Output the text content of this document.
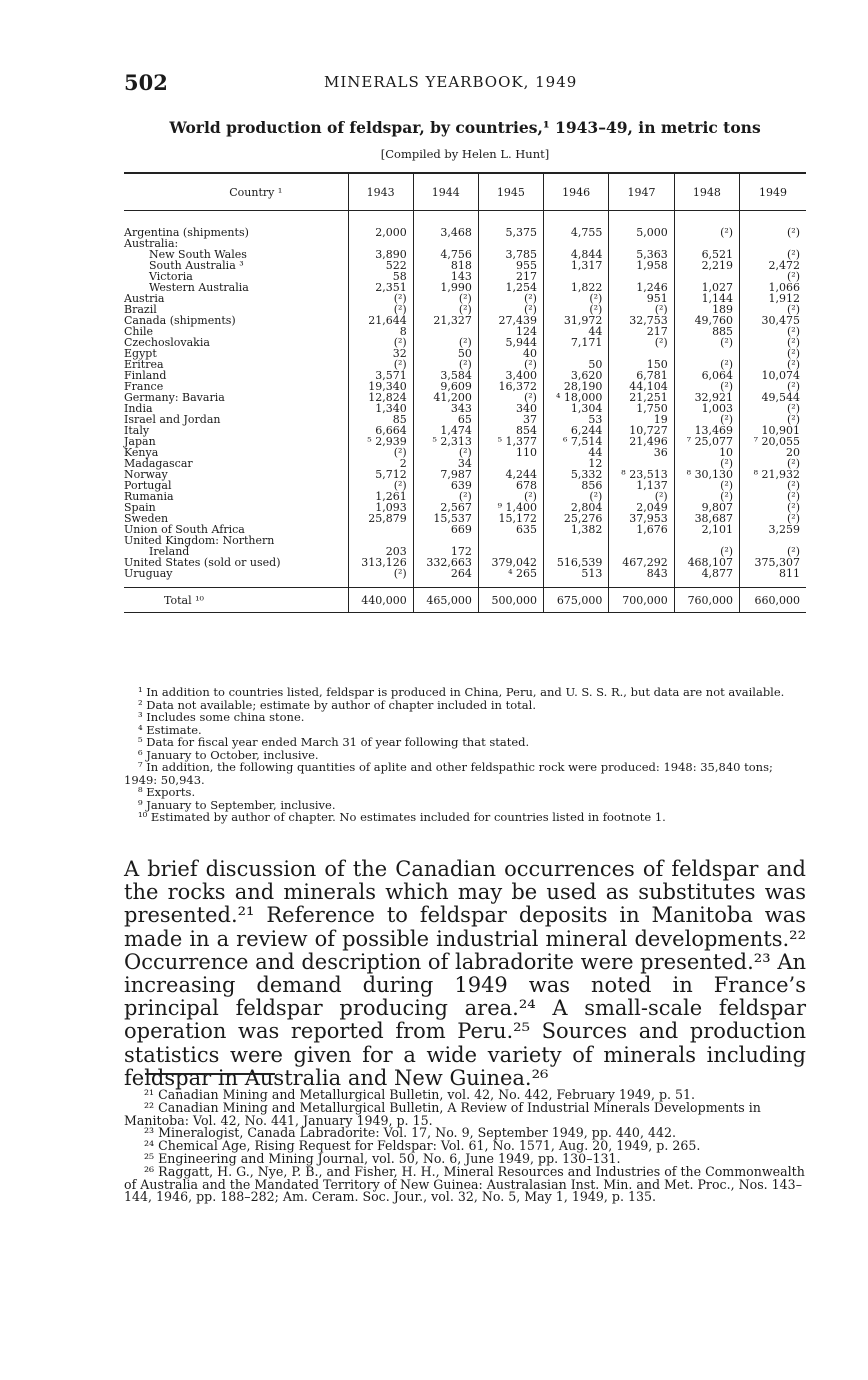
502	MINERALS YEARBOOK, 1949
World production of feldspar, by countries,¹ 1943–49, in metric tons
[Compiled by Helen L. Hunt]
Country ¹	1943	1944	1945	1946	1947	1948	1949

Argentina (shipments)	2,000	3,468	5,375	4,755	5,000	(²)	(²)
Australia:							
New South Wales	3,890	4,756	3,785	4,844	5,363	6,521	(²)
South Australia ³	522	818	955	1,317	1,958	2,219	2,472
Victoria	58	143	217				(²)
Western Australia	2,351	1,990	1,254	1,822	1,246	1,027	1,066
Austria	(²)	(²)	(²)	(²)	951	1,144	1,912
Brazil	(²)	(²)	(²)	(²)	(²)	189	(²)
Canada (shipments)	21,644	21,327	27,439	31,972	32,753	49,760	30,475
Chile	8		124	44	217	885	(²)
Czechoslovakia	(²)	(²)	5,944	7,171	(²)	(²)	(²)
Egypt	32	50	40				(²)
Eritrea	(²)	(²)	(²)	50	150	(²)	(²)
Finland	3,571	3,584	3,400	3,620	6,781	6,064	10,074
France	19,340	9,609	16,372	28,190	44,104	(²)	(²)
Germany: Bavaria	12,824	41,200	(²)	⁴ 18,000	21,251	32,921	49,544
India	1,340	343	340	1,304	1,750	1,003	(²)
Israel and Jordan	85	65	37	53	19	(²)	(²)
Italy	6,664	1,474	854	6,244	10,727	13,469	10,901
Japan	⁵ 2,939	⁵ 2,313	⁵ 1,377	⁶ 7,514	21,496	⁷ 25,077	⁷ 20,055
Kenya	(²)	(²)	110	44	36	10	20
Madagascar	2	34		12		(²)	(²)
Norway	5,712	7,987	4,244	5,332	⁸ 23,513	⁸ 30,130	⁸ 21,932
Portugal	(²)	639	678	856	1,137	(²)	(²)
Rumania	1,261	(²)	(²)	(²)	(²)	(²)	(²)
Spain	1,093	2,567	⁹ 1,400	2,804	2,049	9,807	(²)
Sweden	25,879	15,537	15,172	25,276	37,953	38,687	(²)
Union of South Africa		669	635	1,382	1,676	2,101	3,259
United Kingdom: Northern							
Ireland	203	172				(²)	(²)
United States (sold or used)	313,126	332,663	379,042	516,539	467,292	468,107	375,307
Uruguay	(²)	264	⁴ 265	513	843	4,877	811

Total ¹⁰	440,000	465,000	500,000	675,000	700,000	760,000	660,000

¹ In addition to countries listed, feldspar is produced in China, Peru, and U. S. S. R., but data are not available.

² Data not available; estimate by author of chapter included in total.

³ Includes some china stone.

⁴ Estimate.

⁵ Data for fiscal year ended March 31 of year following that stated.

⁶ January to October, inclusive.

⁷ In addition, the following quantities of aplite and other feldspathic rock were produced: 1948: 35,840 tons; 1949: 50,943.

⁸ Exports.

⁹ January to September, inclusive.

¹⁰ Estimated by author of chapter. No estimates included for countries listed in footnote 1.

A brief discussion of the Canadian occurrences of feldspar and the rocks and minerals which may be used as substitutes was presented.²¹ Reference to feldspar deposits in Manitoba was made in a review of possible industrial mineral developments.²² Occurrence and description of labradorite were presented.²³ An increasing demand during 1949 was noted in France’s principal feldspar producing area.²⁴ A small-scale feldspar operation was reported from Peru.²⁵ Sources and production statistics were given for a wide variety of minerals including feldspar in Australia and New Guinea.²⁶

²¹ Canadian Mining and Metallurgical Bulletin, vol. 42, No. 442, February 1949, p. 51.

²² Canadian Mining and Metallurgical Bulletin, A Review of Industrial Minerals Developments in Manitoba: Vol. 42, No. 441, January 1949, p. 15.

²³ Mineralogist, Canada Labradorite: Vol. 17, No. 9, September 1949, pp. 440, 442.

²⁴ Chemical Age, Rising Request for Feldspar: Vol. 61, No. 1571, Aug. 20, 1949, p. 265.

²⁵ Engineering and Mining Journal, vol. 50, No. 6, June 1949, pp. 130–131.

²⁶ Raggatt, H. G., Nye, P. B., and Fisher, H. H., Mineral Resources and Industries of the Commonwealth of Australia and the Mandated Territory of New Guinea: Australasian Inst. Min. and Met. Proc., Nos. 143–144, 1946, pp. 188–282; Am. Ceram. Soc. Jour., vol. 32, No. 5, May 1, 1949, p. 135.
